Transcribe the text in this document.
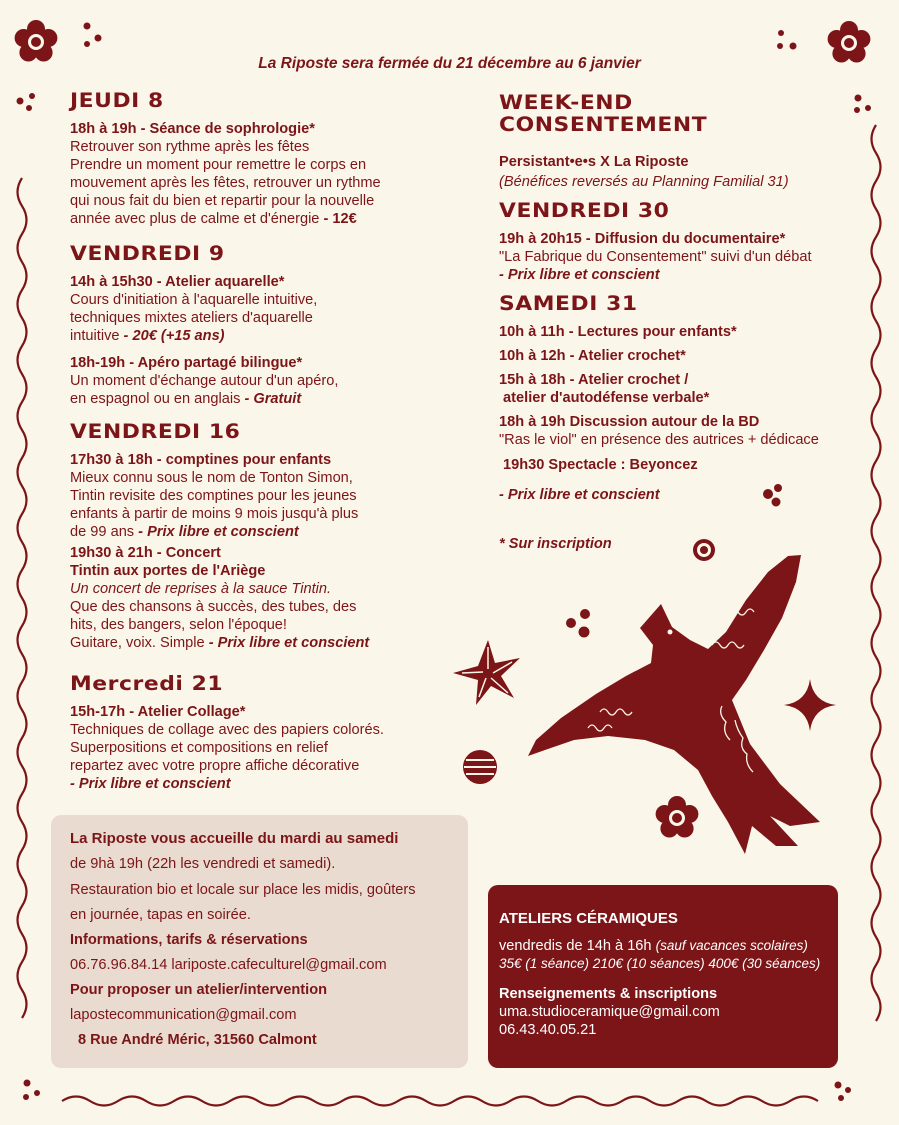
La Riposte sera fermée du 21 décembre au 6 janvier
JEUDI 8
18h à 19h - Séance de sophrologie*
Retrouver son rythme après les fêtes
Prendre un moment pour remettre le corps en
mouvement après les fêtes, retrouver un rythme
qui nous fait du bien et repartir pour la nouvelle
année avec plus de calme et d'énergie - 12€
VENDREDI 9
14h à 15h30 - Atelier aquarelle*
Cours d'initiation à l'aquarelle intuitive,
techniques mixtes ateliers d'aquarelle
intuitive - 20€ (+15 ans)
18h-19h - Apéro partagé bilingue*
Un moment d'échange autour d'un apéro,
en espagnol ou en anglais - Gratuit
VENDREDI 16
17h30 à 18h - comptines pour enfants
Mieux connu sous le nom de Tonton Simon,
Tintin revisite des comptines pour les jeunes
enfants à partir de moins 9 mois jusqu'à plus
de 99 ans - Prix libre et conscient
19h30 à 21h - Concert
Tintin aux portes de l'Ariège
Un concert de reprises à la sauce Tintin.
Que des chansons à succès, des tubes, des
hits, des bangers, selon l'époque!
Guitare, voix. Simple - Prix libre et conscient
Mercredi 21
15h-17h - Atelier Collage*
Techniques de collage avec des papiers colorés.
Superpositions et compositions en relief
repartez avec votre propre affiche décorative
- Prix libre et conscient
WEEK-END
CONSENTEMENT
Persistant•e•s X La Riposte
(Bénéfices reversés au Planning Familial 31)
VENDREDI 30
19h à 20h15 - Diffusion du documentaire*
"La Fabrique du Consentement" suivi d'un débat
- Prix libre et conscient
SAMEDI 31
10h à 11h - Lectures pour enfants*
10h à 12h - Atelier crochet*
15h à 18h - Atelier crochet /
atelier d'autodéfense verbale*
18h à 19h Discussion autour de la BD
"Ras le viol" en présence des autrices + dédicace
19h30 Spectacle : Beyoncez
- Prix libre et conscient
* Sur inscription
La Riposte vous accueille du mardi au samedi
de 9hà 19h (22h les vendredi et samedi).
Restauration bio et locale sur place les midis, goûters
en journée, tapas en soirée.
Informations, tarifs & réservations
06.76.96.84.14 lariposte.cafeculturel@gmail.com
Pour proposer un atelier/intervention
lapostecommunication@gmail.com
8 Rue André Méric, 31560 Calmont
ATELIERS CÉRAMIQUES
vendredis de 14h à 16h (sauf vacances scolaires)
35€ (1 séance) 210€ (10 séances) 400€ (30 séances)
Renseignements & inscriptions
uma.studioceramique@gmail.com
06.43.40.05.21
